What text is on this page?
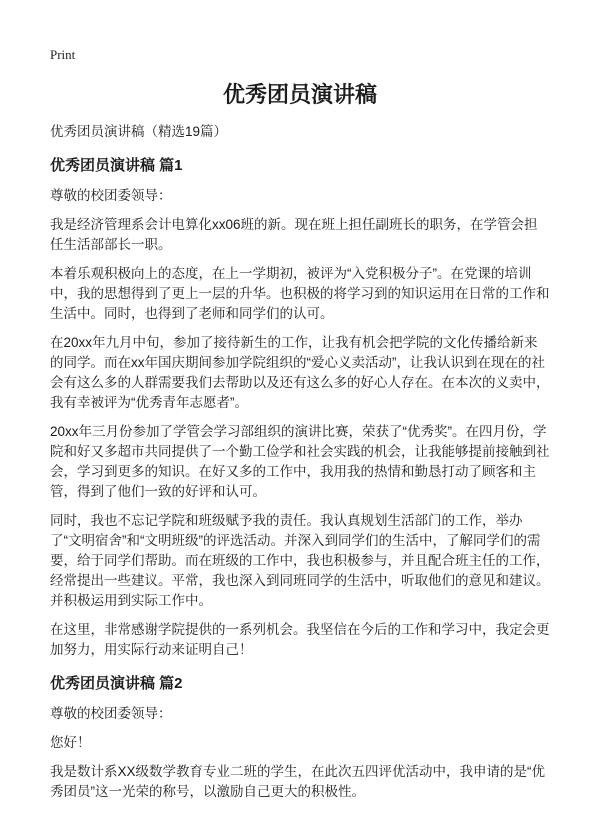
Print
优秀团员演讲稿
优秀团员演讲稿（精选19篇）
优秀团员演讲稿 篇1

尊敬的校团委领导：

我是经济管理系会计电算化xx06班的新。现在班上担任副班长的职务，在学管会担任生活部部长一职。

本着乐观积极向上的态度，在上一学期初，被评为“入党积极分子”。在党课的培训中，我的思想得到了更上一层的升华。也积极的将学习到的知识运用在日常的工作和生活中。同时，也得到了老师和同学们的认可。

在20xx年九月中旬，参加了接待新生的工作，让我有机会把学院的文化传播给新来的同学。而在xx年国庆期间参加学院组织的“爱心义卖活动”，让我认识到在现在的社会有这么多的人群需要我们去帮助以及还有这么多的好心人存在。在本次的义卖中，我有幸被评为“优秀青年志愿者”。

20xx年三月份参加了学管会学习部组织的演讲比赛，荣获了“优秀奖”。在四月份，学院和好又多超市共同提供了一个勤工俭学和社会实践的机会，让我能够提前接触到社会，学习到更多的知识。在好又多的工作中，我用我的热情和勤恳打动了顾客和主管，得到了他们一致的好评和认可。

同时，我也不忘记学院和班级赋予我的责任。我认真规划生活部门的工作，举办了“文明宿舍”和“文明班级”的评选活动。并深入到同学们的生活中，了解同学们的需要，给于同学们帮助。而在班级的工作中，我也积极参与，并且配合班主任的工作，经常提出一些建议。平常，我也深入到同班同学的生活中，听取他们的意见和建议。并积极运用到实际工作中。

在这里，非常感谢学院提供的一系列机会。我坚信在今后的工作和学习中，我定会更加努力，用实际行动来证明自己！

优秀团员演讲稿 篇2

尊敬的校团委领导：

您好！

我是数计系XX级数学教育专业二班的学生，在此次五四评优活动中，我申请的是“优秀团员”这一光荣的称号，以激励自己更大的积极性。
